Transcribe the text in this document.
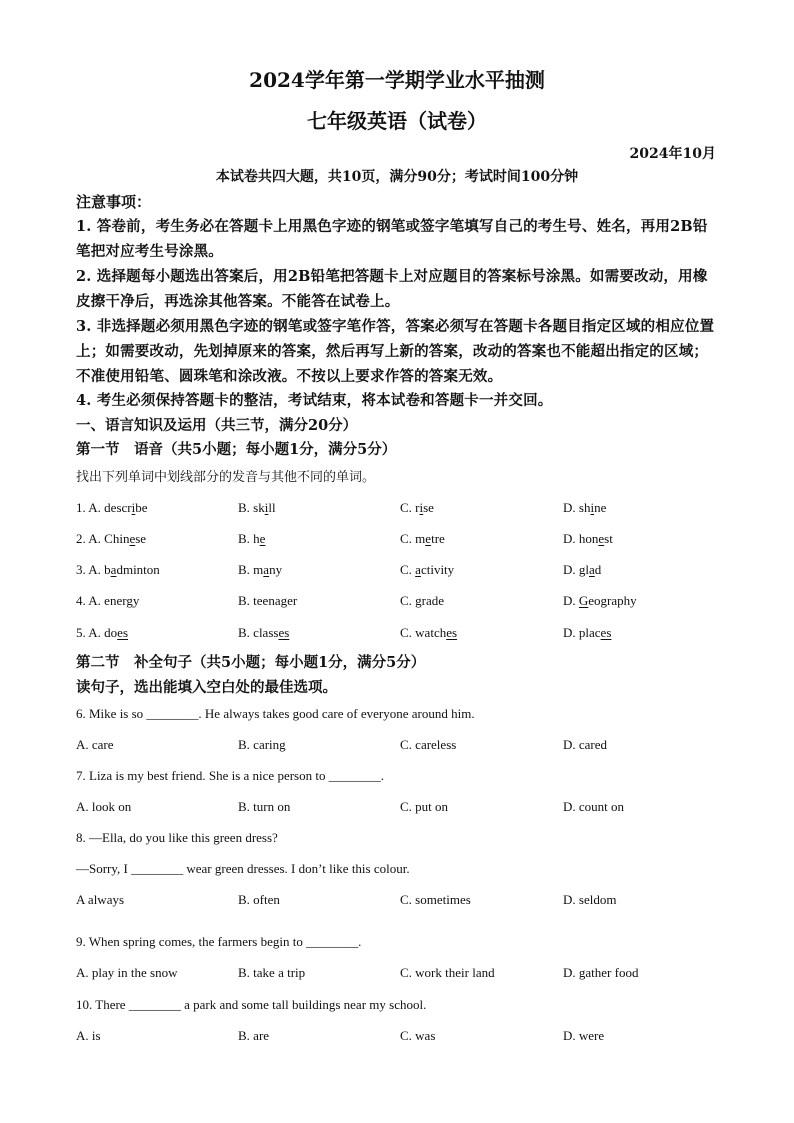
2024学年第一学期学业水平抽测
七年级英语（试卷）
2024年10月
本试卷共四大题，共10页，满分90分；考试时间100分钟
注意事项：
1. 答卷前，考生务必在答题卡上用黑色字迹的钢笔或签字笔填写自己的考生号、姓名，再用2B铅笔把对应考生号涂黑。
2. 选择题每小题选出答案后，用2B铅笔把答题卡上对应题目的答案标号涂黑。如需要改动，用橡皮擦干净后，再选涂其他答案。不能答在试卷上。
3. 非选择题必须用黑色字迹的钢笔或签字笔作答，答案必须写在答题卡各题目指定区域的相应位置上；如需要改动，先划掉原来的答案，然后再写上新的答案，改动的答案也不能超出指定的区域；不准使用铅笔、圆珠笔和涂改液。不按以上要求作答的答案无效。
4. 考生必须保持答题卡的整洁，考试结束，将本试卷和答题卡一并交回。
一、语言知识及运用（共三节，满分20分）
第一节　语音（共5小题；每小题1分，满分5分）
找出下列单词中划线部分的发音与其他不同的单词。
1. A. describe	B. skill	C. rise	D. shine
2. A. Chinese	B. he	C. metre	D. honest
3. A. badminton	B. many	C. activity	D. glad
4. A. energy	B. teenager	C. grade	D. Geography
5. A. does	B. classes	C. watches	D. places
第二节　补全句子（共5小题；每小题1分，满分5分）
读句子，选出能填入空白处的最佳选项。
6. Mike is so ________. He always takes good care of everyone around him.
A. care	B. caring	C. careless	D. cared
7. Liza is my best friend. She is a nice person to ________.
A. look on	B. turn on	C. put on	D. count on
8. —Ella, do you like this green dress?
—Sorry, I ________ wear green dresses. I don’t like this colour.
A always	B. often	C. sometimes	D. seldom
9. When spring comes, the farmers begin to ________.
A. play in the snow	B. take a trip	C. work their land	D. gather food
10. There ________ a park and some tall buildings near my school.
A. is	B. are	C. was	D. were
